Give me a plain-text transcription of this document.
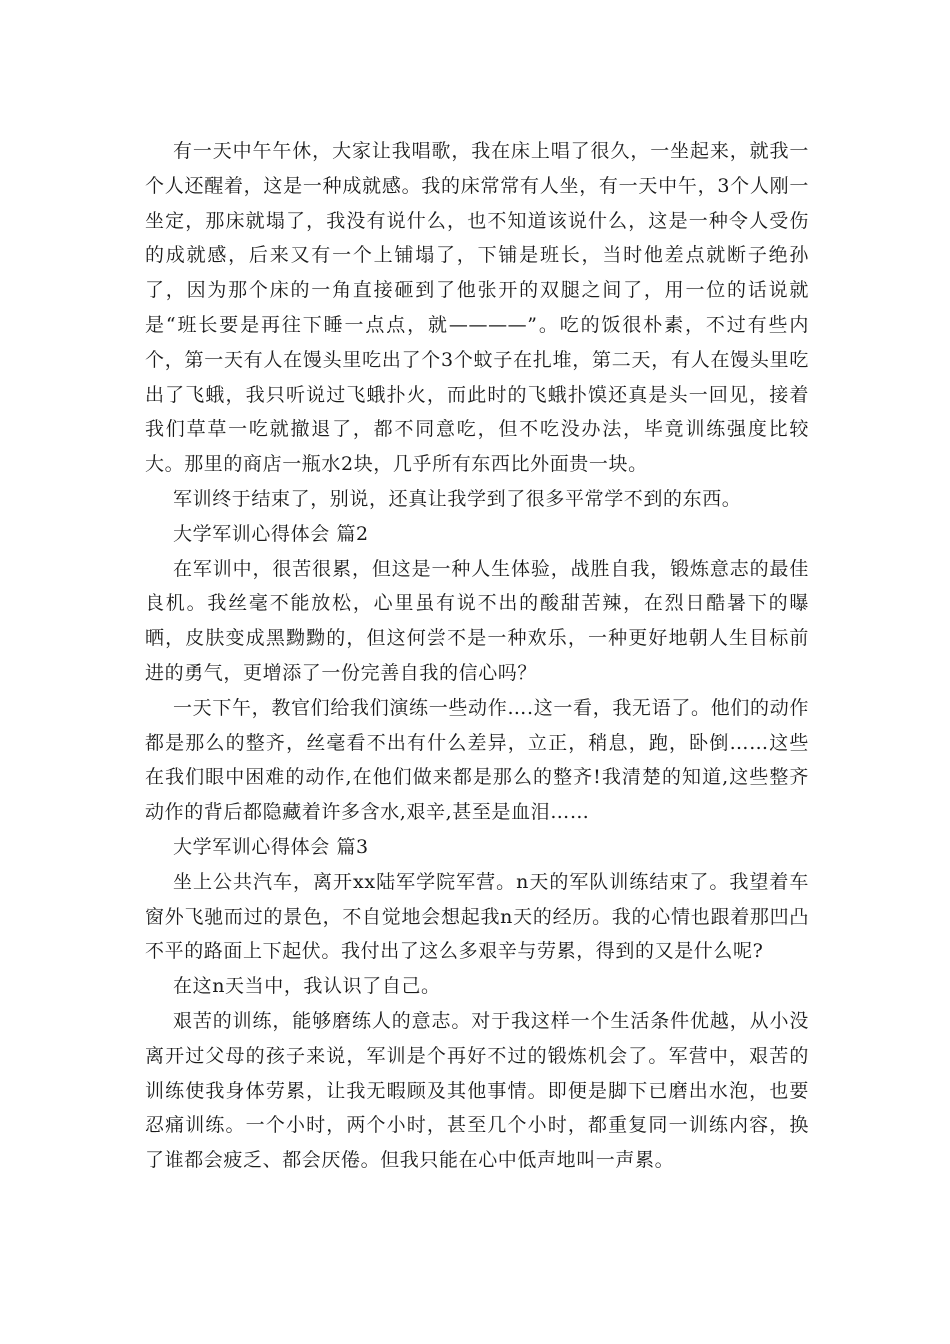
有一天中午午休，大家让我唱歌，我在床上唱了很久，一坐起来，就我一个人还醒着，这是一种成就感。我的床常常有人坐，有一天中午，3个人刚一坐定，那床就塌了，我没有说什么，也不知道该说什么，这是一种令人受伤的成就感，后来又有一个上铺塌了，下铺是班长，当时他差点就断子绝孙了，因为那个床的一角直接砸到了他张开的双腿之间了，用一位的话说就是“班长要是再往下睡一点点，就————”。吃的饭很朴素，不过有些内个，第一天有人在馒头里吃出了个3个蚊子在扎堆，第二天，有人在馒头里吃出了飞蛾，我只听说过飞蛾扑火，而此时的飞蛾扑馍还真是头一回见，接着我们草草一吃就撤退了，都不同意吃，但不吃没办法，毕竟训练强度比较大。那里的商店一瓶水2块，几乎所有东西比外面贵一块。

军训终于结束了，别说，还真让我学到了很多平常学不到的东西。

大学军训心得体会 篇2

在军训中，很苦很累，但这是一种人生体验，战胜自我，锻炼意志的最佳良机。我丝毫不能放松，心里虽有说不出的酸甜苦辣，在烈日酷暑下的曝晒，皮肤变成黑黝黝的，但这何尝不是一种欢乐，一种更好地朝人生目标前进的勇气，更增添了一份完善自我的信心吗？

一天下午，教官们给我们演练一些动作….这一看，我无语了。他们的动作都是那么的整齐，丝毫看不出有什么差异，立正，稍息，跑，卧倒……这些在我们眼中困难的动作,在他们做来都是那么的整齐!我清楚的知道,这些整齐动作的背后都隐藏着许多含水,艰辛,甚至是血泪……

大学军训心得体会 篇3

坐上公共汽车，离开xx陆军学院军营。n天的军队训练结束了。我望着车窗外飞驰而过的景色，不自觉地会想起我n天的经历。我的心情也跟着那凹凸不平的路面上下起伏。我付出了这么多艰辛与劳累，得到的又是什么呢?

在这n天当中，我认识了自己。

艰苦的训练，能够磨练人的意志。对于我这样一个生活条件优越，从小没离开过父母的孩子来说，军训是个再好不过的锻炼机会了。军营中，艰苦的训练使我身体劳累，让我无暇顾及其他事情。即便是脚下已磨出水泡，也要忍痛训练。一个小时，两个小时，甚至几个小时，都重复同一训练内容，换了谁都会疲乏、都会厌倦。但我只能在心中低声地叫一声累。
